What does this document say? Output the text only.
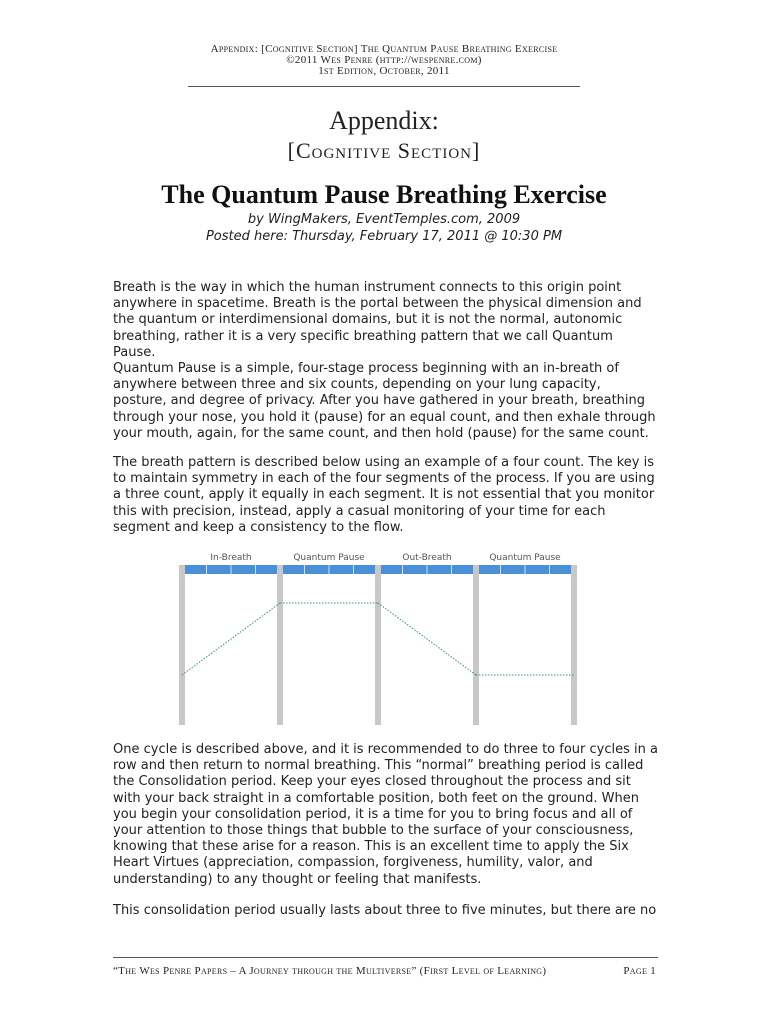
Appendix: [Cognitive Section] The Quantum Pause Breathing Exercise
©2011 Wes Penre (http://wespenre.com)
1st Edition, October, 2011
Appendix:
[Cognitive Section]
The Quantum Pause Breathing Exercise
by WingMakers, EventTemples.com, 2009
Posted here: Thursday, February 17, 2011 @ 10:30 PM

Breath is the way in which the human instrument connects to this origin point anywhere in spacetime. Breath is the portal between the physical dimension and the quantum or interdimensional domains, but it is not the normal, autonomic breathing, rather it is a very specific breathing pattern that we call Quantum Pause.

Quantum Pause is a simple, four-stage process beginning with an in-breath of anywhere between three and six counts, depending on your lung capacity, posture, and degree of privacy. After you have gathered in your breath, breathing through your nose, you hold it (pause) for an equal count, and then exhale through your mouth, again, for the same count, and then hold (pause) for the same count.

The breath pattern is described below using an example of a four count. The key is to maintain symmetry in each of the four segments of the process. If you are using a three count, apply it equally in each segment. It is not essential that you monitor this with precision, instead, apply a casual monitoring of your time for each segment and keep a consistency to the flow.

In-Breath	Quantum Pause	Out-Breath	Quantum Pause

One cycle is described above, and it is recommended to do three to four cycles in a row and then return to normal breathing. This “normal” breathing period is called the Consolidation period. Keep your eyes closed throughout the process and sit with your back straight in a comfortable position, both feet on the ground. When you begin your consolidation period, it is a time for you to bring focus and all of your attention to those things that bubble to the surface of your consciousness, knowing that these arise for a reason. This is an excellent time to apply the Six Heart Virtues (appreciation, compassion, forgiveness, humility, valor, and understanding) to any thought or feeling that manifests.

This consolidation period usually lasts about three to five minutes, but there are no

“The Wes Penre Papers – A Journey through the Multiverse” (First Level of Learning)	Page 1
